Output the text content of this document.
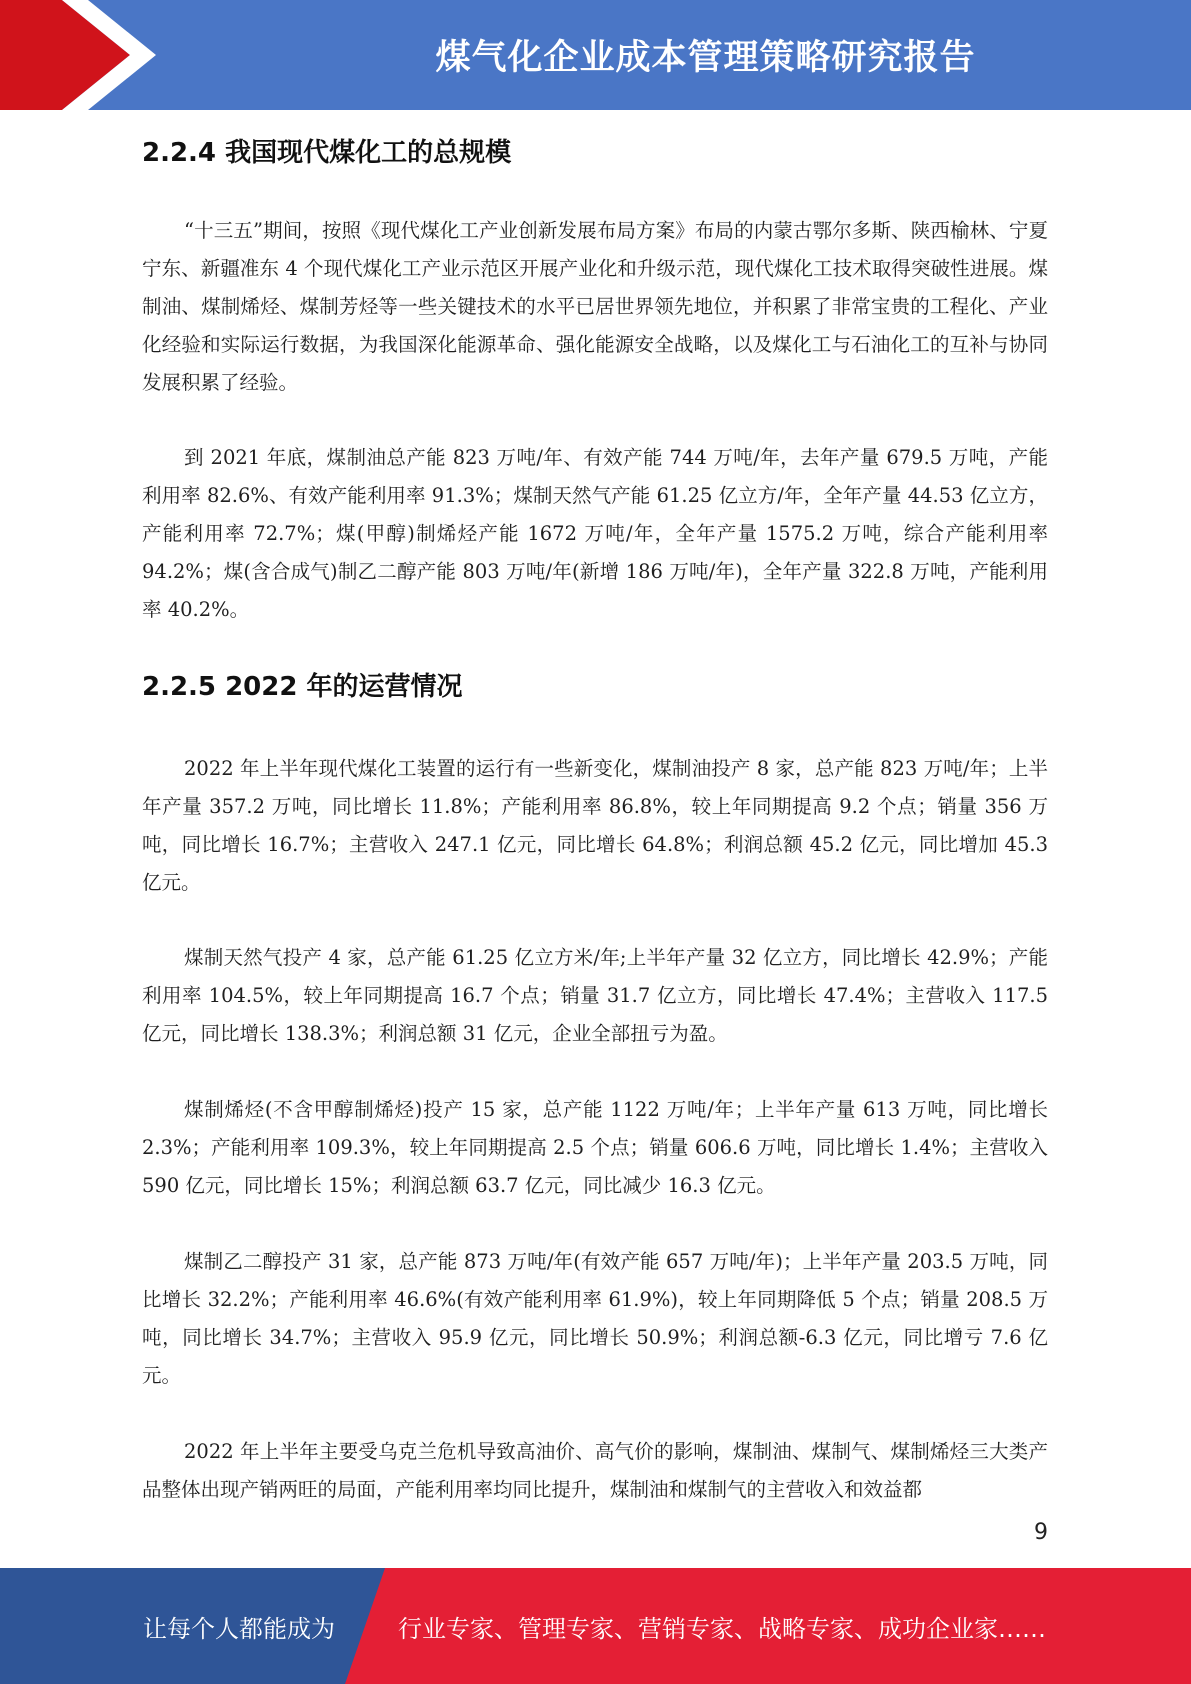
煤气化企业成本管理策略研究报告
2.2.4 我国现代煤化工的总规模

“十三五”期间，按照《现代煤化工产业创新发展布局方案》布局的内蒙古鄂尔多斯、陕西榆林、宁夏宁东、新疆准东 4 个现代煤化工产业示范区开展产业化和升级示范，现代煤化工技术取得突破性进展。煤制油、煤制烯烃、煤制芳烃等一些关键技术的水平已居世界领先地位，并积累了非常宝贵的工程化、产业化经验和实际运行数据，为我国深化能源革命、强化能源安全战略，以及煤化工与石油化工的互补与协同发展积累了经验。

到 2021 年底，煤制油总产能 823 万吨/年、有效产能 744 万吨/年，去年产量 679.5 万吨，产能利用率 82.6%、有效产能利用率 91.3%；煤制天然气产能 61.25 亿立方/年，全年产量 44.53 亿立方，产能利用率 72.7%；煤(甲醇)制烯烃产能 1672 万吨/年，全年产量 1575.2 万吨，综合产能利用率 94.2%；煤(含合成气)制乙二醇产能 803 万吨/年(新增 186 万吨/年)，全年产量 322.8 万吨，产能利用率 40.2%。

2.2.5 2022 年的运营情况

2022 年上半年现代煤化工装置的运行有一些新变化，煤制油投产 8 家，总产能 823 万吨/年；上半年产量 357.2 万吨，同比增长 11.8%；产能利用率 86.8%，较上年同期提高 9.2 个点；销量 356 万吨，同比增长 16.7%；主营收入 247.1 亿元，同比增长 64.8%；利润总额 45.2 亿元，同比增加 45.3 亿元。

煤制天然气投产 4 家，总产能 61.25 亿立方米/年;上半年产量 32 亿立方，同比增长 42.9%；产能利用率 104.5%，较上年同期提高 16.7 个点；销量 31.7 亿立方，同比增长 47.4%；主营收入 117.5 亿元，同比增长 138.3%；利润总额 31 亿元，企业全部扭亏为盈。

煤制烯烃(不含甲醇制烯烃)投产 15 家，总产能 1122 万吨/年；上半年产量 613 万吨，同比增长 2.3%；产能利用率 109.3%，较上年同期提高 2.5 个点；销量 606.6 万吨，同比增长 1.4%；主营收入 590 亿元，同比增长 15%；利润总额 63.7 亿元，同比减少 16.3 亿元。

煤制乙二醇投产 31 家，总产能 873 万吨/年(有效产能 657 万吨/年)；上半年产量 203.5 万吨，同比增长 32.2%；产能利用率 46.6%(有效产能利用率 61.9%)，较上年同期降低 5 个点；销量 208.5 万吨，同比增长 34.7%；主营收入 95.9 亿元，同比增长 50.9%；利润总额-6.3 亿元，同比增亏 7.6 亿元。

2022 年上半年主要受乌克兰危机导致高油价、高气价的影响，煤制油、煤制气、煤制烯烃三大类产品整体出现产销两旺的局面，产能利用率均同比提升，煤制油和煤制气的主营收入和效益都

9
让每个人都能成为	行业专家、管理专家、营销专家、战略专家、成功企业家……
